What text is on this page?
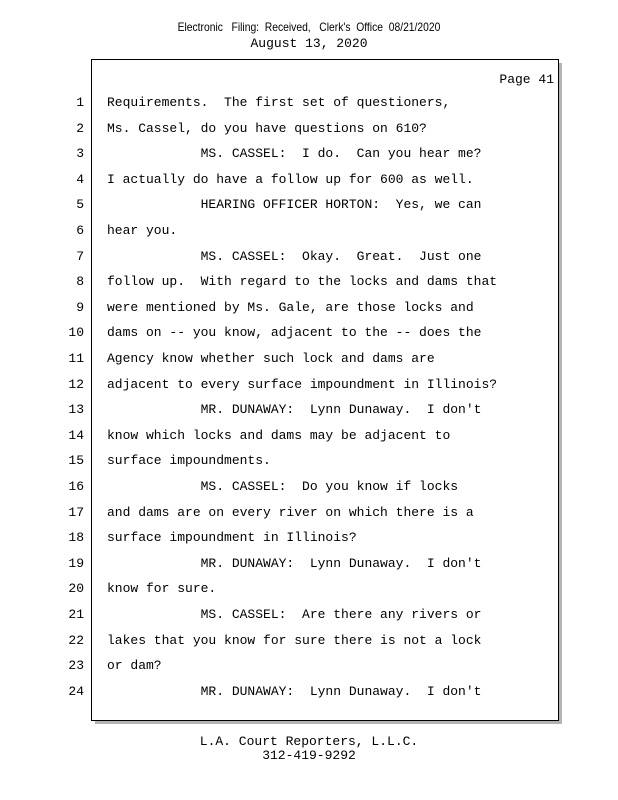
Electronic   Filing:  Received,   Clerk's  Office  08/21/2020
August 13, 2020
Page 41
1 Requirements.  The first set of questioners,
2 Ms. Cassel, do you have questions on 610?
3 MS. CASSEL:  I do.  Can you hear me?
4 I actually do have a follow up for 600 as well.
5 HEARING OFFICER HORTON:  Yes, we can
6 hear you.
7 MS. CASSEL:  Okay.  Great.  Just one
8 follow up.  With regard to the locks and dams that
9 were mentioned by Ms. Gale, are those locks and
10 dams on -- you know, adjacent to the -- does the
11 Agency know whether such lock and dams are
12 adjacent to every surface impoundment in Illinois?
13 MR. DUNAWAY:  Lynn Dunaway.  I don't
14 know which locks and dams may be adjacent to
15 surface impoundments.
16 MS. CASSEL:  Do you know if locks
17 and dams are on every river on which there is a
18 surface impoundment in Illinois?
19 MR. DUNAWAY:  Lynn Dunaway.  I don't
20 know for sure.
21 MS. CASSEL:  Are there any rivers or
22 lakes that you know for sure there is not a lock
23 or dam?
24 MR. DUNAWAY:  Lynn Dunaway.  I don't
L.A. Court Reporters, L.L.C.
312-419-9292
